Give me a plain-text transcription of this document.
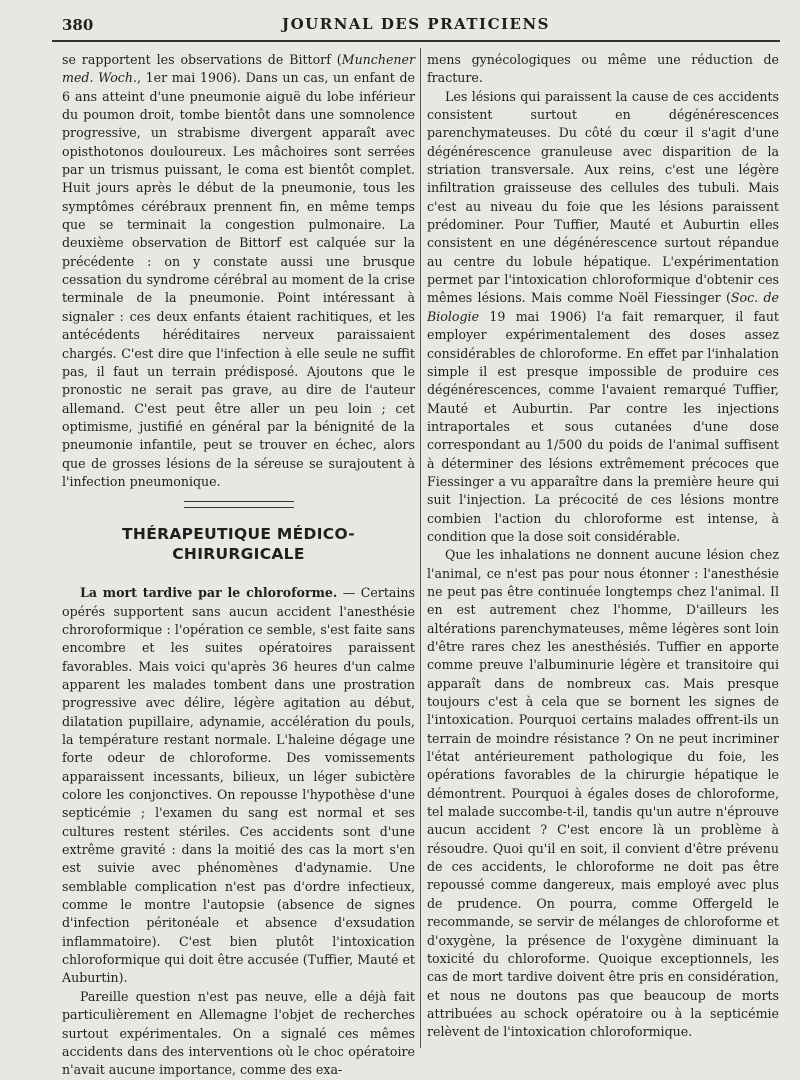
380	JOURNAL DES PRATICIENS

se rapportent les observations de Bittorf (Munchener med. Woch., 1er mai 1906). Dans un cas, un enfant de 6 ans atteint d'une pneumonie aiguë du lobe inférieur du poumon droit, tombe bientôt dans une somnolence progressive, un strabisme divergent apparaît avec opisthotonos douloureux. Les mâchoires sont serrées par un trismus puissant, le coma est bientôt complet. Huit jours après le début de la pneumonie, tous les symptômes cérébraux prennent fin, en même temps que se terminait la congestion pulmonaire. La deuxième observation de Bittorf est calquée sur la précédente : on y constate aussi une brusque cessation du syndrome cérébral au moment de la crise terminale de la pneumonie. Point intéressant à signaler : ces deux enfants étaient rachitiques, et les antécédents héréditaires nerveux paraissaient chargés. C'est dire que l'infection à elle seule ne suffit pas, il faut un terrain prédisposé. Ajoutons que le pronostic ne serait pas grave, au dire de l'auteur allemand. C'est peut être aller un peu loin ; cet optimisme, justifié en général par la bénignité de la pneumonie infantile, peut se trouver en échec, alors que de grosses lésions de la séreuse se surajoutent à l'infection pneumonique.

THÉRAPEUTIQUE MÉDICO-CHIRURGICALE

La mort tardive par le chloroforme. — Certains opérés supportent sans aucun accident l'anesthésie chroroformique : l'opération ce semble, s'est faite sans encombre et les suites opératoires paraissent favorables. Mais voici qu'après 36 heures d'un calme apparent les malades tombent dans une prostration progressive avec délire, légère agitation au début, dilatation pupillaire, adynamie, accélération du pouls, la température restant normale. L'haleine dégage une forte odeur de chloroforme. Des vomissements apparaissent incessants, bilieux, un léger subictère colore les conjonctives. On repousse l'hypothèse d'une septicémie ; l'examen du sang est normal et ses cultures restent stériles. Ces accidents sont d'une extrême gravité : dans la moitié des cas la mort s'en est suivie avec phénomènes d'adynamie. Une semblable complication n'est pas d'ordre infectieux, comme le montre l'autopsie (absence de signes d'infection péritonéale et absence d'exsudation inflammatoire). C'est bien plutôt l'intoxication chloroformique qui doit être accusée (Tuffier, Mauté et Auburtin).

Pareille question n'est pas neuve, elle a déjà fait particulièrement en Allemagne l'objet de recherches surtout expérimentales. On a signalé ces mêmes accidents dans des interventions où le choc opératoire n'avait aucune importance, comme des exa-

mens gynécologiques ou même une réduction de fracture.

Les lésions qui paraissent la cause de ces accidents consistent surtout en dégénérescences parenchymateuses. Du côté du cœur il s'agit d'une dégénérescence granuleuse avec disparition de la striation transversale. Aux reins, c'est une légère infiltration graisseuse des cellules des tubuli. Mais c'est au niveau du foie que les lésions paraissent prédominer. Pour Tuffier, Mauté et Auburtin elles consistent en une dégénérescence surtout répandue au centre du lobule hépatique. L'expérimentation permet par l'intoxication chloroformique d'obtenir ces mêmes lésions. Mais comme Noël Fiessinger (Soc. de Biologie 19 mai 1906) l'a fait remarquer, il faut employer expérimentalement des doses assez considérables de chloroforme. En effet par l'inhalation simple il est presque impossible de produire ces dégénérescences, comme l'avaient remarqué Tuffier, Mauté et Auburtin. Par contre les injections intraportales et sous cutanées d'une dose correspondant au 1/500 du poids de l'animal suffisent à déterminer des lésions extrêmement précoces que Fiessinger a vu apparaître dans la première heure qui suit l'injection. La précocité de ces lésions montre combien l'action du chloroforme est intense, à condition que la dose soit considérable.

Que les inhalations ne donnent aucune lésion chez l'animal, ce n'est pas pour nous étonner : l'anesthésie ne peut pas être continuée longtemps chez l'animal. Il en est autrement chez l'homme, D'ailleurs les altérations parenchymateuses, même légères sont loin d'être rares chez les anesthésiés. Tuffier en apporte comme preuve l'albuminurie légère et transitoire qui apparaît dans de nombreux cas. Mais presque toujours c'est à cela que se bornent les signes de l'intoxication. Pourquoi certains malades offrent-ils un terrain de moindre résistance ? On ne peut incriminer l'état antérieurement pathologique du foie, les opérations favorables de la chirurgie hépatique le démontrent. Pourquoi à égales doses de chloroforme, tel malade succombe-t-il, tandis qu'un autre n'éprouve aucun accident ? C'est encore là un problème à résoudre. Quoi qu'il en soit, il convient d'être prévenu de ces accidents, le chloroforme ne doit pas être repoussé comme dangereux, mais employé avec plus de prudence. On pourra, comme Offergeld le recommande, se servir de mélanges de chloroforme et d'oxygène, la présence de l'oxygène diminuant la toxicité du chloroforme. Quoique exceptionnels, les cas de mort tardive doivent être pris en considération, et nous ne doutons pas que beaucoup de morts attribuées au schock opératoire ou à la septicémie relèvent de l'intoxication chloroformique.
